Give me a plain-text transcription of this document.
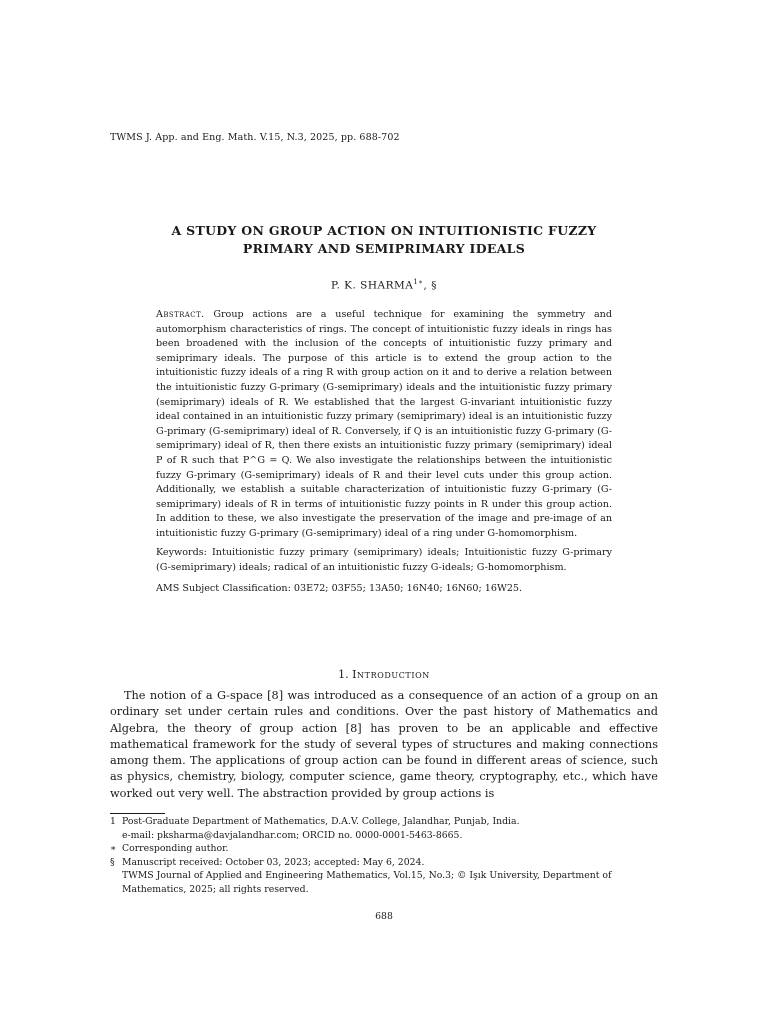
TWMS J. App. and Eng. Math. V.15, N.3, 2025, pp. 688-702
A STUDY ON GROUP ACTION ON INTUITIONISTIC FUZZY
PRIMARY AND SEMIPRIMARY IDEALS
P. K. $SHARMA^{1∗}$, §

Abstract. Group actions are a useful technique for examining the symmetry and automorphism characteristics of rings. The concept of intuitionistic fuzzy ideals in rings has been broadened with the inclusion of the concepts of intuitionistic fuzzy primary and semiprimary ideals. The purpose of this article is to extend the group action to the intuitionistic fuzzy ideals of a ring R with group action on it and to derive a relation between the intuitionistic fuzzy G-primary (G-semiprimary) ideals and the intuitionistic fuzzy primary (semiprimary) ideals of R. We established that the largest G-invariant intuitionistic fuzzy ideal contained in an intuitionistic fuzzy primary (semiprimary) ideal is an intuitionistic fuzzy G-primary (G-semiprimary) ideal of R. Conversely, if Q is an intuitionistic fuzzy G-primary (G-semiprimary) ideal of R, then there exists an intuitionistic fuzzy primary (semiprimary) ideal P of R such that P^G = Q. We also investigate the relationships between the intuitionistic fuzzy G-primary (G-semiprimary) ideals of R and their level cuts under this group action. Additionally, we establish a suitable characterization of intuitionistic fuzzy G-primary (G-semiprimary) ideals of R in terms of intuitionistic fuzzy points in R under this group action. In addition to these, we also investigate the preservation of the image and pre-image of an intuitionistic fuzzy G-primary (G-semiprimary) ideal of a ring under G-homomorphism.

Keywords: Intuitionistic fuzzy primary (semiprimary) ideals; Intuitionistic fuzzy G-primary (G-semiprimary) ideals; radical of an intuitionistic fuzzy G-ideals; G-homomorphism.

AMS Subject Classification: 03E72; 03F55; 13A50; 16N40; 16N60; 16W25.
1. Introduction

The notion of a G-space [8] was introduced as a consequence of an action of a group on an ordinary set under certain rules and conditions. Over the past history of Mathematics and Algebra, the theory of group action [8] has proven to be an applicable and effective mathematical framework for the study of several types of structures and making connections among them. The applications of group action can be found in different areas of science, such as physics, chemistry, biology, computer science, game theory, cryptography, etc., which have worked out very well. The abstraction provided by group actions is

1 Post-Graduate Department of Mathematics, D.A.V. College, Jalandhar, Punjab, India.
e-mail: pksharma@davjalandhar.com; ORCID no. 0000-0001-5463-8665.
∗ Corresponding author.
§ Manuscript received: October 03, 2023; accepted: May 6, 2024.
TWMS Journal of Applied and Engineering Mathematics, Vol.15, No.3; © Işık University, Department of Mathematics, 2025; all rights reserved.
688
